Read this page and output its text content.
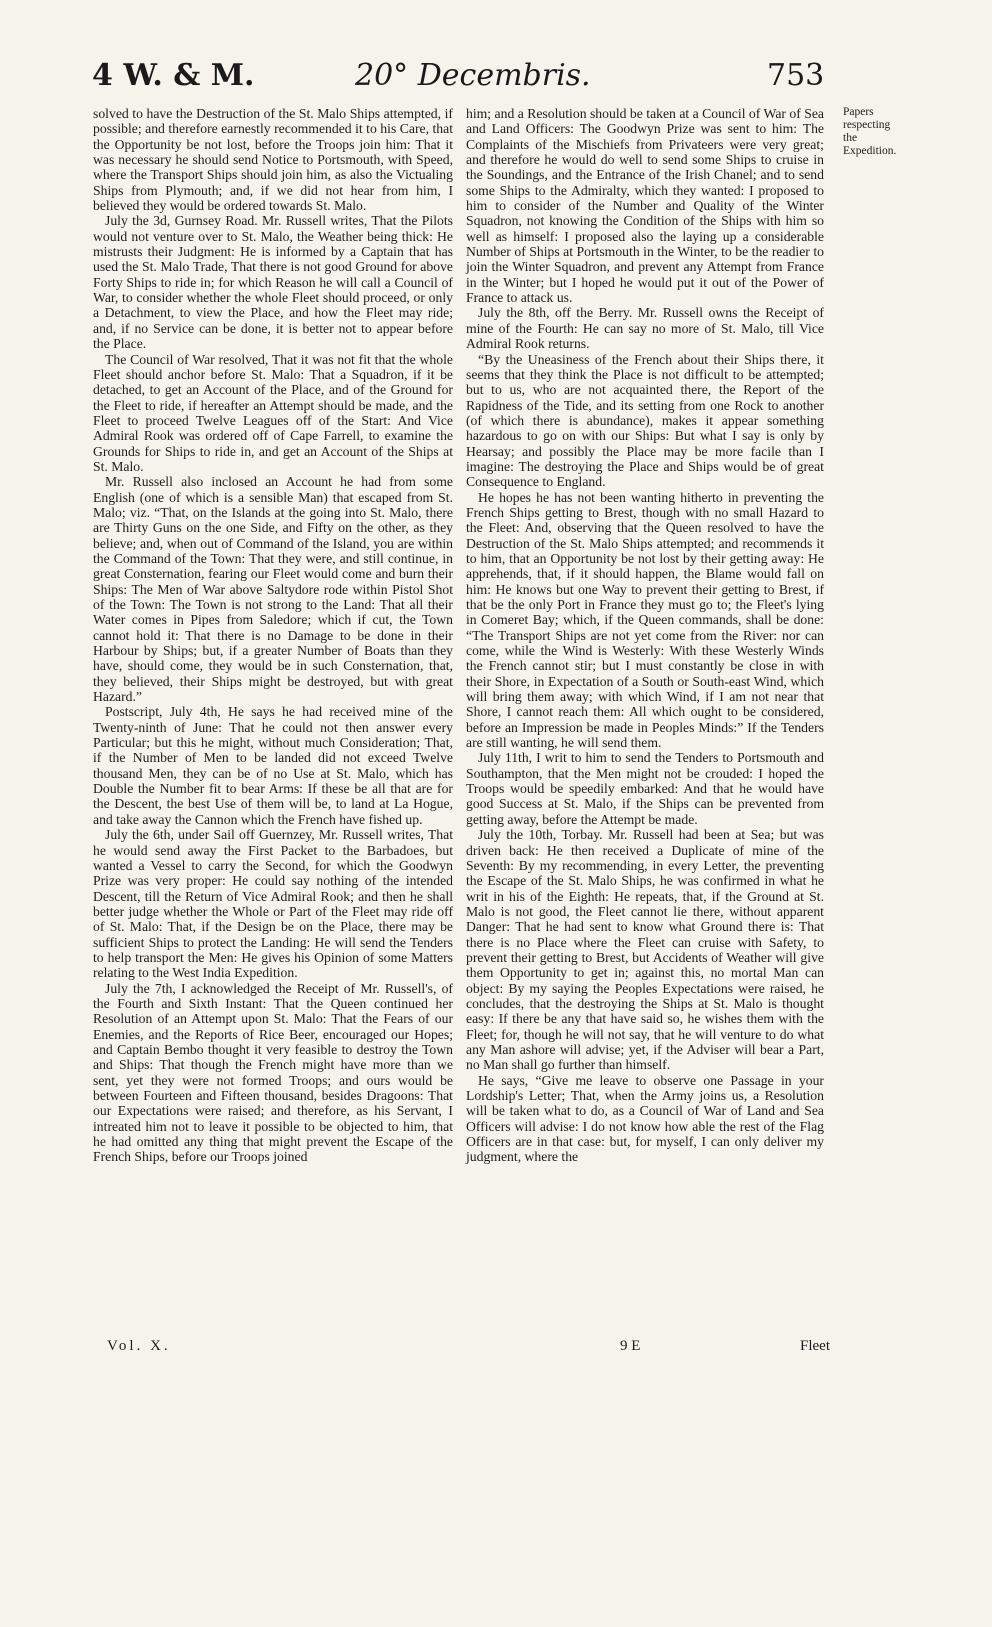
4 W. & M.	20° Decembris.	753

solved to have the Destruction of the St. Malo Ships attempted, if possible; and therefore earnestly recommended it to his Care, that the Opportunity be not lost, before the Troops join him: That it was necessary he should send Notice to Portsmouth, with Speed, where the Transport Ships should join him, as also the Victualing Ships from Plymouth; and, if we did not hear from him, I believed they would be ordered towards St. Malo.

July the 3d, Gurnsey Road. Mr. Russell writes, That the Pilots would not venture over to St. Malo, the Weather being thick: He mistrusts their Judgment: He is informed by a Captain that has used the St. Malo Trade, That there is not good Ground for above Forty Ships to ride in; for which Reason he will call a Council of War, to consider whether the whole Fleet should proceed, or only a Detachment, to view the Place, and how the Fleet may ride; and, if no Service can be done, it is better not to appear before the Place.

The Council of War resolved, That it was not fit that the whole Fleet should anchor before St. Malo: That a Squadron, if it be detached, to get an Account of the Place, and of the Ground for the Fleet to ride, if hereafter an Attempt should be made, and the Fleet to proceed Twelve Leagues off of the Start: And Vice Admiral Rook was ordered off of Cape Farrell, to examine the Grounds for Ships to ride in, and get an Account of the Ships at St. Malo.

Mr. Russell also inclosed an Account he had from some English (one of which is a sensible Man) that escaped from St. Malo; viz. “That, on the Islands at the going into St. Malo, there are Thirty Guns on the one Side, and Fifty on the other, as they believe; and, when out of Command of the Island, you are within the Command of the Town: That they were, and still continue, in great Consternation, fearing our Fleet would come and burn their Ships: The Men of War above Saltydore rode within Pistol Shot of the Town: The Town is not strong to the Land: That all their Water comes in Pipes from Saledore; which if cut, the Town cannot hold it: That there is no Damage to be done in their Harbour by Ships; but, if a greater Number of Boats than they have, should come, they would be in such Consternation, that, they believed, their Ships might be destroyed, but with great Hazard.”

Postscript, July 4th, He says he had received mine of the Twenty-ninth of June: That he could not then answer every Particular; but this he might, without much Consideration; That, if the Number of Men to be landed did not exceed Twelve thousand Men, they can be of no Use at St. Malo, which has Double the Number fit to bear Arms: If these be all that are for the Descent, the best Use of them will be, to land at La Hogue, and take away the Cannon which the French have fished up.

July the 6th, under Sail off Guernzey, Mr. Russell writes, That he would send away the First Packet to the Barbadoes, but wanted a Vessel to carry the Second, for which the Goodwyn Prize was very proper: He could say nothing of the intended Descent, till the Return of Vice Admiral Rook; and then he shall better judge whether the Whole or Part of the Fleet may ride off of St. Malo: That, if the Design be on the Place, there may be sufficient Ships to protect the Landing: He will send the Tenders to help transport the Men: He gives his Opinion of some Matters relating to the West India Expedition.

July the 7th, I acknowledged the Receipt of Mr. Russell's, of the Fourth and Sixth Instant: That the Queen continued her Resolution of an Attempt upon St. Malo: That the Fears of our Enemies, and the Reports of Rice Beer, encouraged our Hopes; and Captain Bembo thought it very feasible to destroy the Town and Ships: That though the French might have more than we sent, yet they were not formed Troops; and ours would be between Fourteen and Fifteen thousand, besides Dragoons: That our Expectations were raised; and therefore, as his Servant, I intreated him not to leave it possible to be objected to him, that he had omitted any thing that might prevent the Escape of the French Ships, before our Troops joined

him; and a Resolution should be taken at a Council of War of Sea and Land Officers: The Goodwyn Prize was sent to him: The Complaints of the Mischiefs from Privateers were very great; and therefore he would do well to send some Ships to cruise in the Soundings, and the Entrance of the Irish Chanel; and to send some Ships to the Admiralty, which they wanted: I proposed to him to consider of the Number and Quality of the Winter Squadron, not knowing the Condition of the Ships with him so well as himself: I proposed also the laying up a considerable Number of Ships at Portsmouth in the Winter, to be the readier to join the Winter Squadron, and prevent any Attempt from France in the Winter; but I hoped he would put it out of the Power of France to attack us.

July the 8th, off the Berry. Mr. Russell owns the Receipt of mine of the Fourth: He can say no more of St. Malo, till Vice Admiral Rook returns.

“By the Uneasiness of the French about their Ships there, it seems that they think the Place is not difficult to be attempted; but to us, who are not acquainted there, the Report of the Rapidness of the Tide, and its setting from one Rock to another (of which there is abundance), makes it appear something hazardous to go on with our Ships: But what I say is only by Hearsay; and possibly the Place may be more facile than I imagine: The destroying the Place and Ships would be of great Consequence to England.

He hopes he has not been wanting hitherto in preventing the French Ships getting to Brest, though with no small Hazard to the Fleet: And, observing that the Queen resolved to have the Destruction of the St. Malo Ships attempted; and recommends it to him, that an Opportunity be not lost by their getting away: He apprehends, that, if it should happen, the Blame would fall on him: He knows but one Way to prevent their getting to Brest, if that be the only Port in France they must go to; the Fleet's lying in Comeret Bay; which, if the Queen commands, shall be done: “The Transport Ships are not yet come from the River: nor can come, while the Wind is Westerly: With these Westerly Winds the French cannot stir; but I must constantly be close in with their Shore, in Expectation of a South or South-east Wind, which will bring them away; with which Wind, if I am not near that Shore, I cannot reach them: All which ought to be considered, before an Impression be made in Peoples Minds:” If the Tenders are still wanting, he will send them.

July 11th, I writ to him to send the Tenders to Portsmouth and Southampton, that the Men might not be crouded: I hoped the Troops would be speedily embarked: And that he would have good Success at St. Malo, if the Ships can be prevented from getting away, before the Attempt be made.

July the 10th, Torbay. Mr. Russell had been at Sea; but was driven back: He then received a Duplicate of mine of the Seventh: By my recommending, in every Letter, the preventing the Escape of the St. Malo Ships, he was confirmed in what he writ in his of the Eighth: He repeats, that, if the Ground at St. Malo is not good, the Fleet cannot lie there, without apparent Danger: That he had sent to know what Ground there is: That there is no Place where the Fleet can cruise with Safety, to prevent their getting to Brest, but Accidents of Weather will give them Opportunity to get in; against this, no mortal Man can object: By my saying the Peoples Expectations were raised, he concludes, that the destroying the Ships at St. Malo is thought easy: If there be any that have said so, he wishes them with the Fleet; for, though he will not say, that he will venture to do what any Man ashore will advise; yet, if the Adviser will bear a Part, no Man shall go further than himself.

He says, “Give me leave to observe one Passage in your Lordship's Letter; That, when the Army joins us, a Resolution will be taken what to do, as a Council of War of Land and Sea Officers will advise: I do not know how able the rest of the Flag Officers are in that case: but, for myself, I can only deliver my judgment, where the

Papers respecting the Expedition.
Vol. X.	9 E	Fleet
